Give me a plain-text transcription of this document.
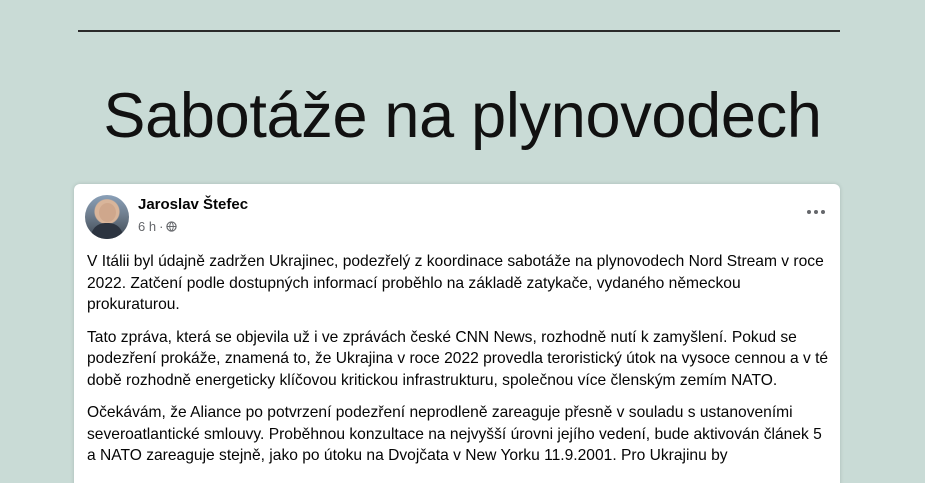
Sabotáže na plynovodech
Jaroslav Štefec
6 h ·

V Itálii byl údajně zadržen Ukrajinec, podezřelý z koordinace sabotáže na plynovodech Nord Stream v roce 2022. Zatčení podle dostupných informací proběhlo na základě zatykače, vydaného německou prokuraturou.

Tato zpráva, která se objevila už i ve zprávách české CNN News, rozhodně nutí k zamyšlení. Pokud se podezření prokáže, znamená to, že Ukrajina v roce 2022 provedla teroristický útok na vysoce cennou a v té době rozhodně energeticky klíčovou kritickou infrastrukturu, společnou více členským zemím NATO.

Očekávám, že Aliance po potvrzení podezření neprodleně zareaguje přesně v souladu s ustanoveními severoatlantické smlouvy. Proběhnou konzultace na nejvyšší úrovni jejího vedení, bude aktivován článek 5 a NATO zareaguje stejně, jako po útoku na Dvojčata v New Yorku 11.9.2001. Pro Ukrajinu by
